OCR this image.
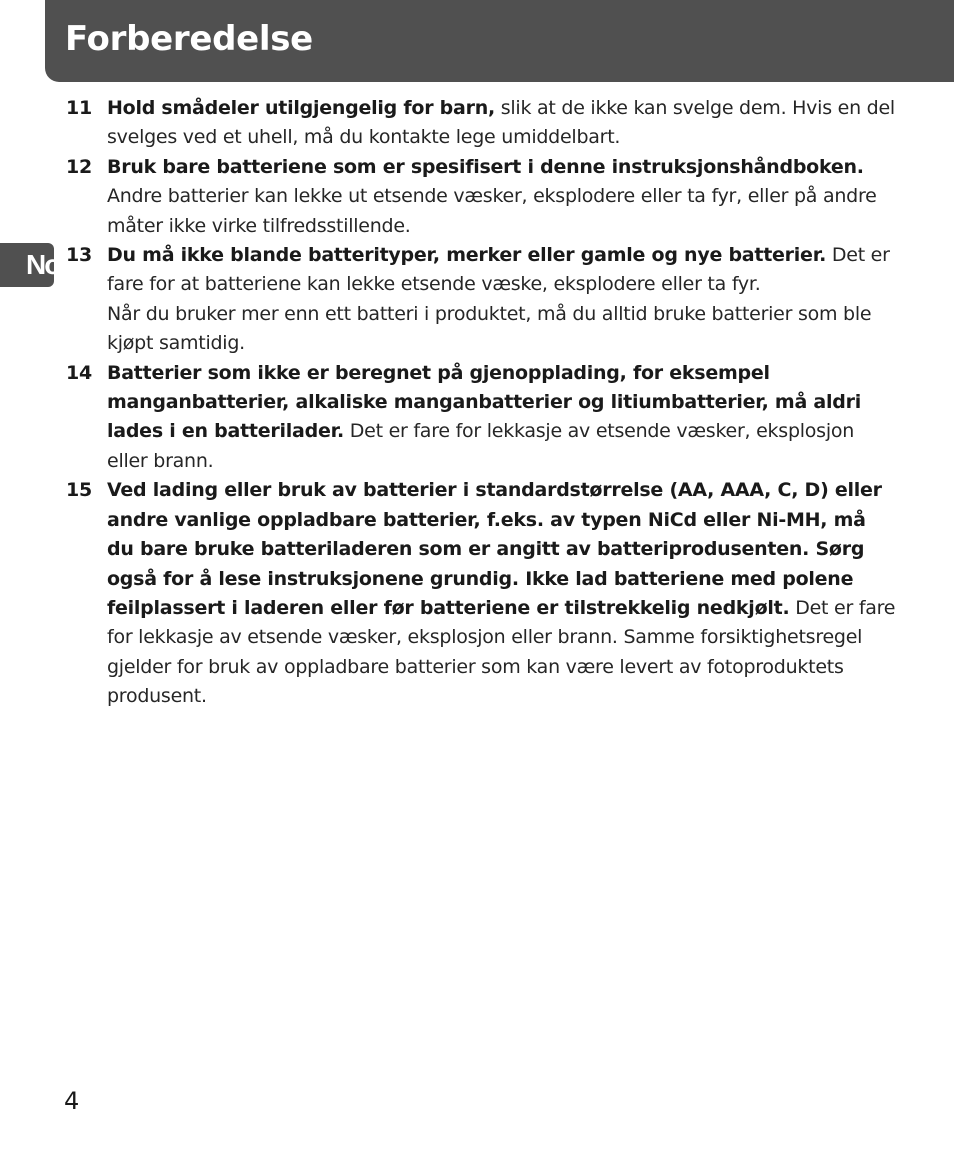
Forberedelse
No
11 Hold smådeler utilgjengelig for barn, slik at de ikke kan svelge dem. Hvis en del svelges ved et uhell, må du kontakte lege umiddelbart.
12 Bruk bare batteriene som er spesifisert i denne instruksjonshåndboken.
Andre batterier kan lekke ut etsende væsker, eksplodere eller ta fyr, eller på andre måter ikke virke tilfredsstillende.
13 Du må ikke blande batterityper, merker eller gamle og nye batterier. Det er fare for at batteriene kan lekke etsende væske, eksplodere eller ta fyr.
Når du bruker mer enn ett batteri i produktet, må du alltid bruke batterier som ble kjøpt samtidig.
14 Batterier som ikke er beregnet på gjenopplading, for eksempel manganbatterier, alkaliske manganbatterier og litiumbatterier, må aldri lades i en batterilader. Det er fare for lekkasje av etsende væsker, eksplosjon eller brann.
15 Ved lading eller bruk av batterier i standardstørrelse (AA, AAA, C, D) eller andre vanlige oppladbare batterier, f.eks. av typen NiCd eller Ni-MH, må du bare bruke batteriladeren som er angitt av batteriprodusenten. Sørg også for å lese instruksjonene grundig. Ikke lad batteriene med polene feilplassert i laderen eller før batteriene er tilstrekkelig nedkjølt. Det er fare for lekkasje av etsende væsker, eksplosjon eller brann. Samme forsiktighetsregel gjelder for bruk av oppladbare batterier som kan være levert av fotoproduktets produsent.
4
